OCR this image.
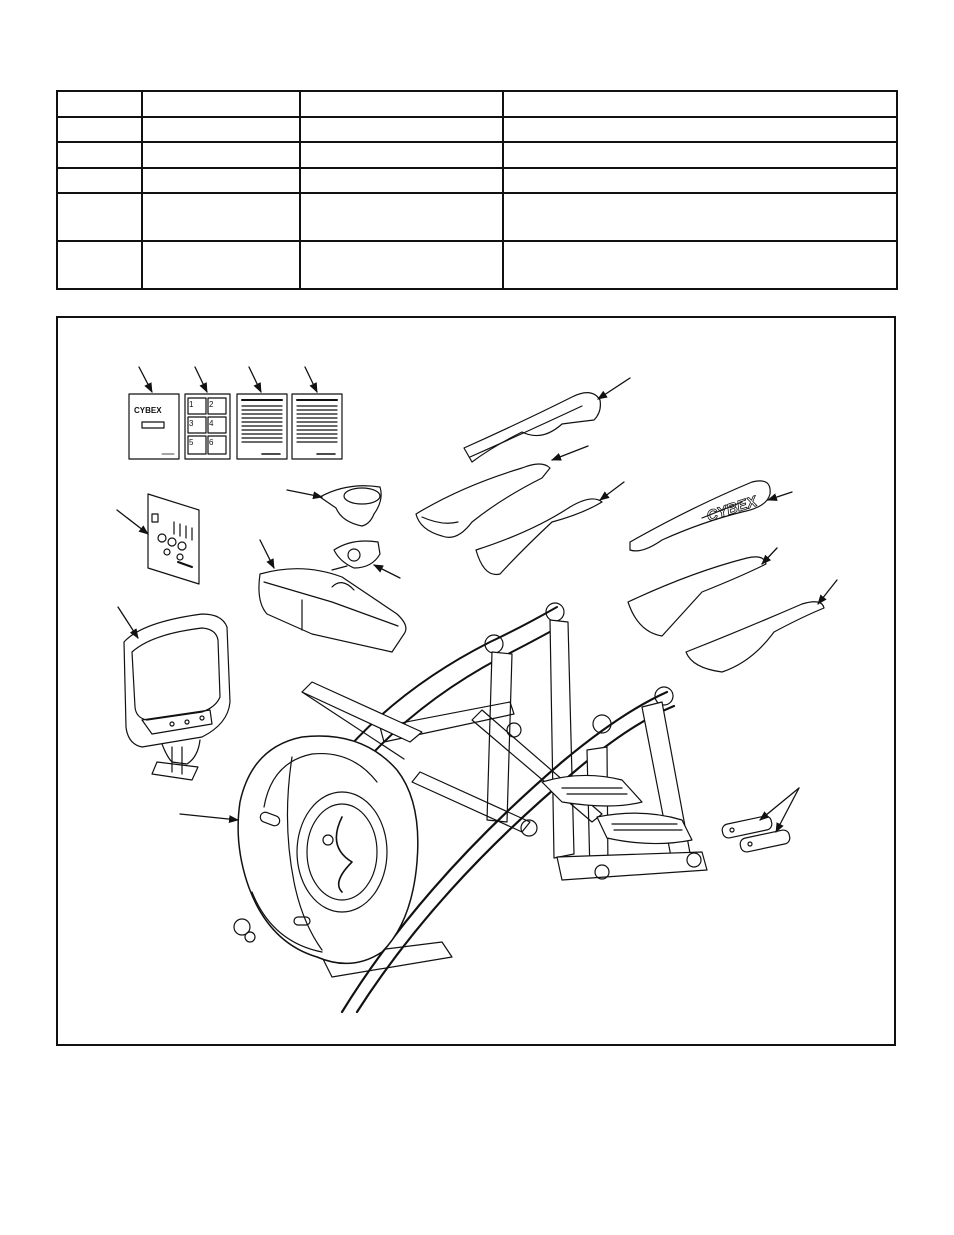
CYBEX
1 2
3 4
5 6
CYBEX
